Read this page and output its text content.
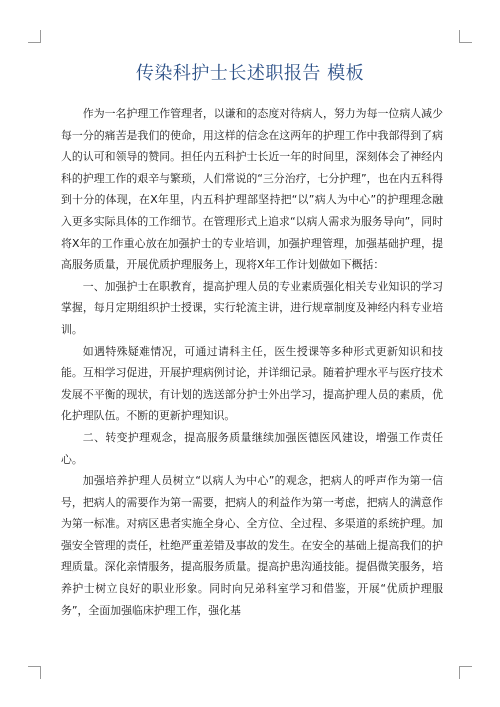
传染科护士长述职报告 模板

作为一名护理工作管理者，以谦和的态度对待病人，努力为每一位病人减少每一分的痛苦是我们的使命，用这样的信念在这两年的护理工作中我部得到了病人的认可和领导的赞同。担任内五科护士长近一年的时间里，深刻体会了神经内科的护理工作的艰辛与繁琐，人们常说的“三分治疗，七分护理”，也在内五科得到十分的体现，在X年里，内五科护理部坚持把“以”病人为中心”的护理理念融入更多实际具体的工作细节。在管理形式上追求“以病人需求为服务导向”，同时将X年的工作重心放在加强护士的专业培训，加强护理管理，加强基础护理，提高服务质量，开展优质护理服务上，现将X年工作计划做如下概括：

一、加强护士在职教育，提高护理人员的专业素质强化相关专业知识的学习掌握，每月定期组织护士授课，实行轮流主讲，进行规章制度及神经内科专业培训。

如遇特殊疑难情况，可通过请科主任，医生授课等多种形式更新知识和技能。互相学习促进，开展护理病例讨论，并详细记录。随着护理水平与医疗技术发展不平衡的现状，有计划的选送部分护士外出学习，提高护理人员的素质，优化护理队伍。不断的更新护理知识。

二、转变护理观念，提高服务质量继续加强医德医风建设，增强工作责任心。

加强培养护理人员树立“以病人为中心”的观念，把病人的呼声作为第一信号，把病人的需要作为第一需要，把病人的利益作为第一考虑，把病人的满意作为第一标准。对病区患者实施全身心、全方位、全过程、多渠道的系统护理。加强安全管理的责任，杜绝严重差错及事故的发生。在安全的基础上提高我们的护理质量。深化亲情服务，提高服务质量。提高护患沟通技能。提倡微笑服务，培养护士树立良好的职业形象。同时向兄弟科室学习和借鉴，开展“优质护理服务”，全面加强临床护理工作，强化基
